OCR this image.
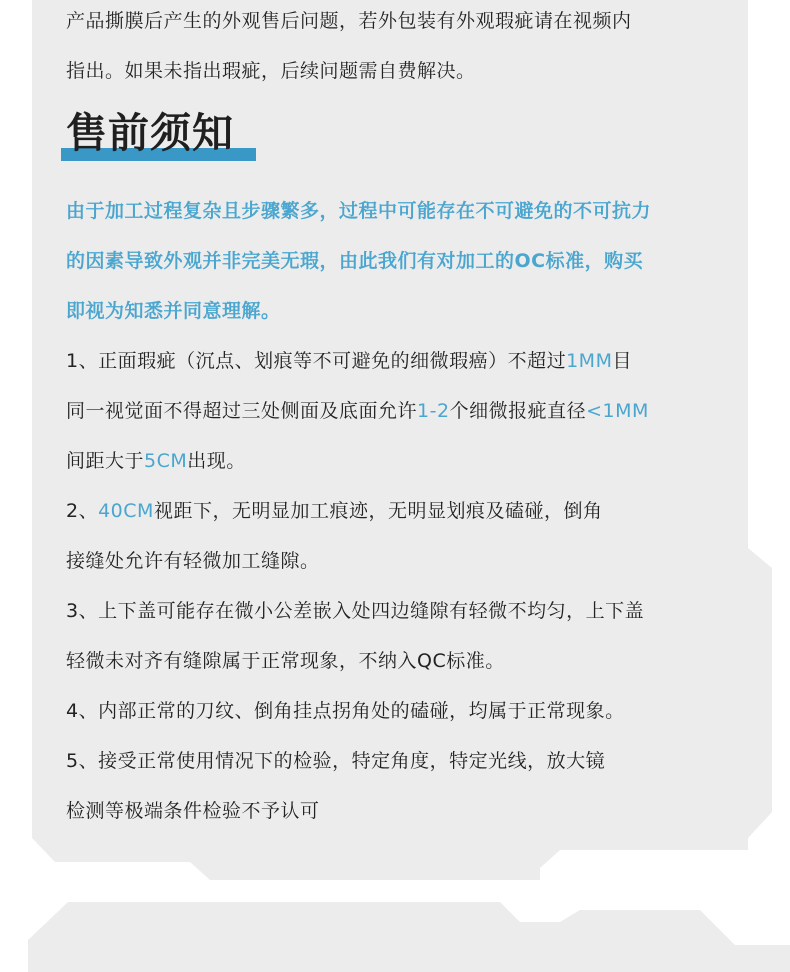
售前须知
产品撕膜后产生的外观售后问题，若外包装有外观瑕疵请在视频内
指出。如果未指出瑕疵，后续问题需自费解决。
由于加工过程复杂且步骤繁多，过程中可能存在不可避免的不可抗力
的因素导致外观并非完美无瑕，由此我们有对加工的OC标准，购买
即视为知悉并同意理解。
1、正面瑕疵（沉点、划痕等不可避免的细微瑕癌）不超过1MM目
同一视觉面不得超过三处侧面及底面允许1-2个细微报疵直径<1MM
间距大于5CM出现。
2、40CM视距下，无明显加工痕迹，无明显划痕及磕碰，倒角
接缝处允许有轻微加工缝隙。
3、上下盖可能存在微小公差嵌入处四边缝隙有轻微不均匀，上下盖
轻微未对齐有缝隙属于正常现象，不纳入QC标准。
4、内部正常的刀纹、倒角挂点拐角处的磕碰，均属于正常现象。
5、接受正常使用情况下的检验，特定角度，特定光线，放大镜
检测等极端条件检验不予认可
